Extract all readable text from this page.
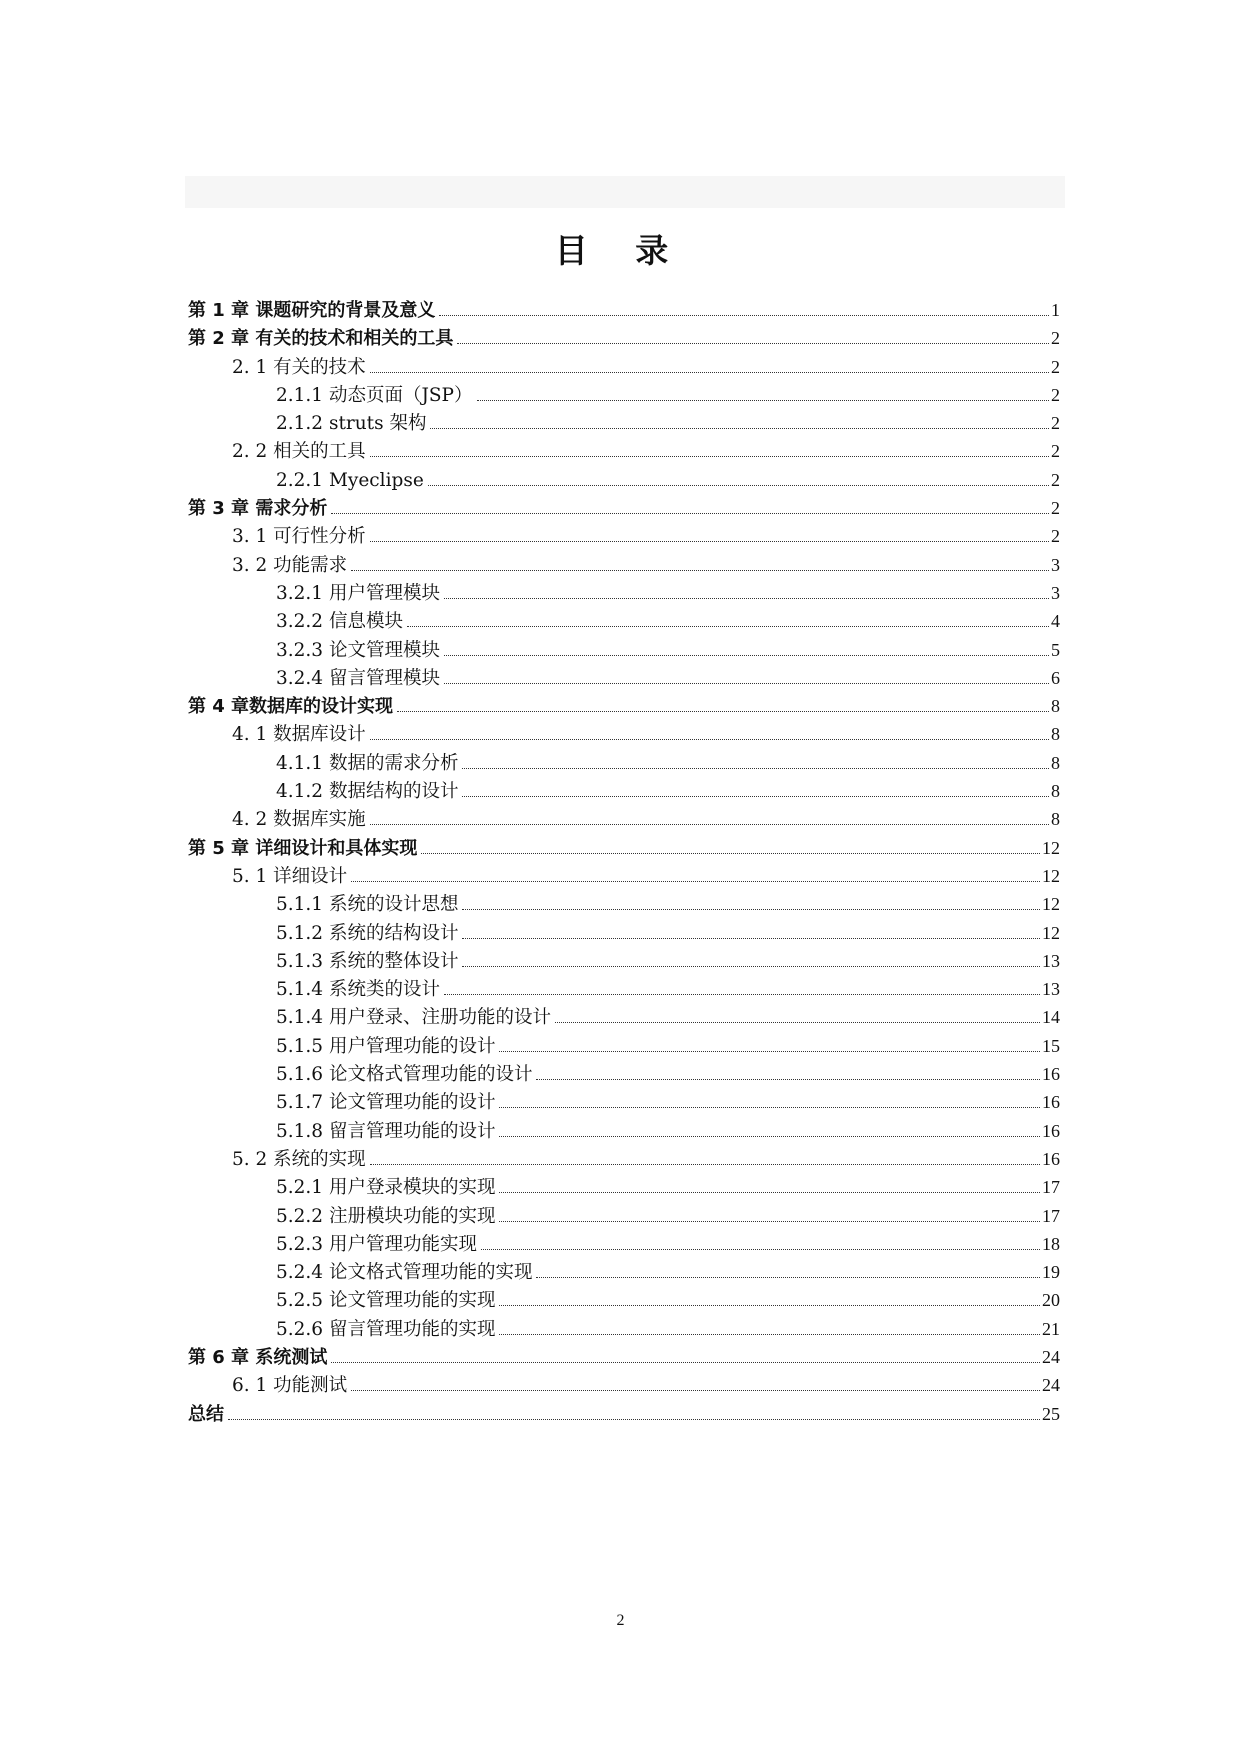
目 录
第 1 章 课题研究的背景及意义	1
第 2 章 有关的技术和相关的工具	2
2. 1 有关的技术	2
2.1.1 动态页面（JSP）	2
2.1.2 struts 架构	2
2. 2 相关的工具	2
2.2.1 Myeclipse	2
第 3 章 需求分析	2
3. 1 可行性分析	2
3. 2 功能需求	3
3.2.1 用户管理模块	3
3.2.2 信息模块	4
3.2.3 论文管理模块	5
3.2.4 留言管理模块	6
第 4 章数据库的设计实现	8
4. 1 数据库设计	8
4.1.1 数据的需求分析	8
4.1.2 数据结构的设计	8
4. 2 数据库实施	8
第 5 章 详细设计和具体实现	12
5. 1 详细设计	12
5.1.1 系统的设计思想	12
5.1.2 系统的结构设计	12
5.1.3 系统的整体设计	13
5.1.4 系统类的设计	13
5.1.4 用户登录、注册功能的设计	14
5.1.5 用户管理功能的设计	15
5.1.6 论文格式管理功能的设计	16
5.1.7 论文管理功能的设计	16
5.1.8 留言管理功能的设计	16
5. 2 系统的实现	16
5.2.1 用户登录模块的实现	17
5.2.2 注册模块功能的实现	17
5.2.3 用户管理功能实现	18
5.2.4 论文格式管理功能的实现	19
5.2.5 论文管理功能的实现	20
5.2.6 留言管理功能的实现	21
第 6 章 系统测试	24
6. 1 功能测试	24
总结	25
2
